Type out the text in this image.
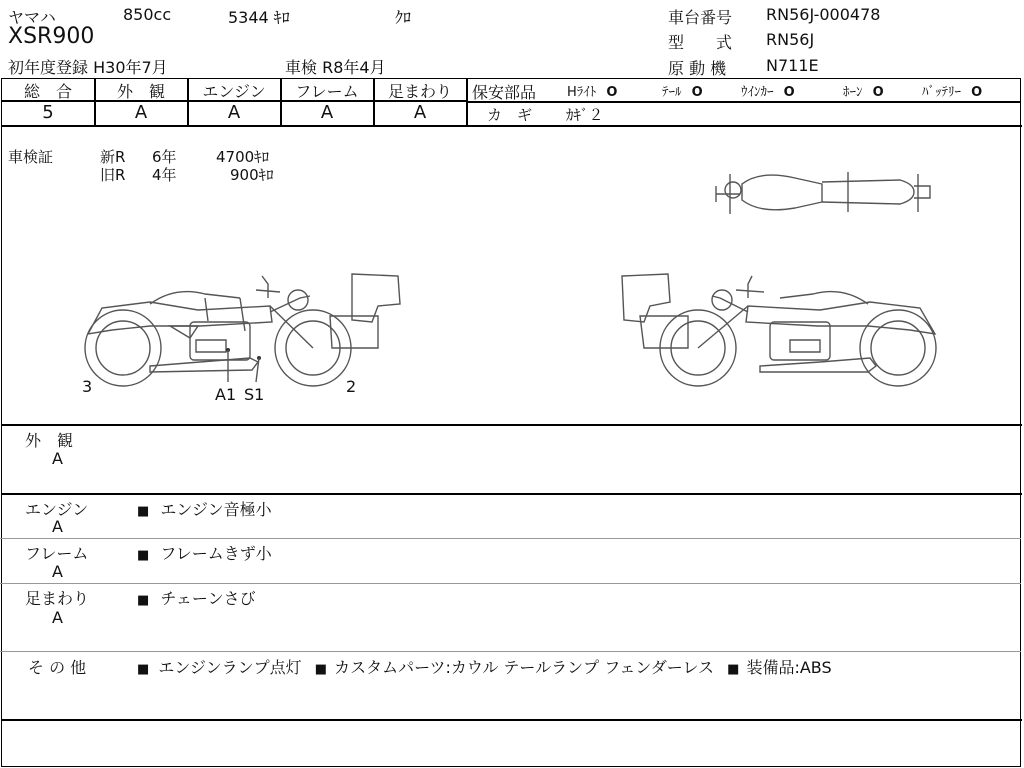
ヤマハ	850cc	5344 ｷﾛ	ｸﾛ
XSR900
初年度登録 H30年7月	車検 R8年4月
車台番号 RN56J-000478
型　　式 RN56J
原 動 機 N711E
総　合	外　観	エンジン	フレーム	足まわり
5	A	A	A	A
保安部品 Hﾗｲﾄ O	ﾃｰﾙ O	ｳｲﾝｶｰ O	ﾎｰﾝ O	ﾊﾞｯﾃﾘｰ O
カ　ギ ｶｷﾞ２
車検証	新R 6年	4700ｷﾛ
旧R 4年	900ｷﾛ
3	2
A1 S1
外　観
A
エンジン
A
■ エンジン音極小
フレーム
A
■ フレームきず小
足まわり
A
■ チェーンさび
そ の 他	■ エンジンランプ点灯 ■ カスタムパーツ:カウル テールランプ フェンダーレス ■ 装備品:ABS
